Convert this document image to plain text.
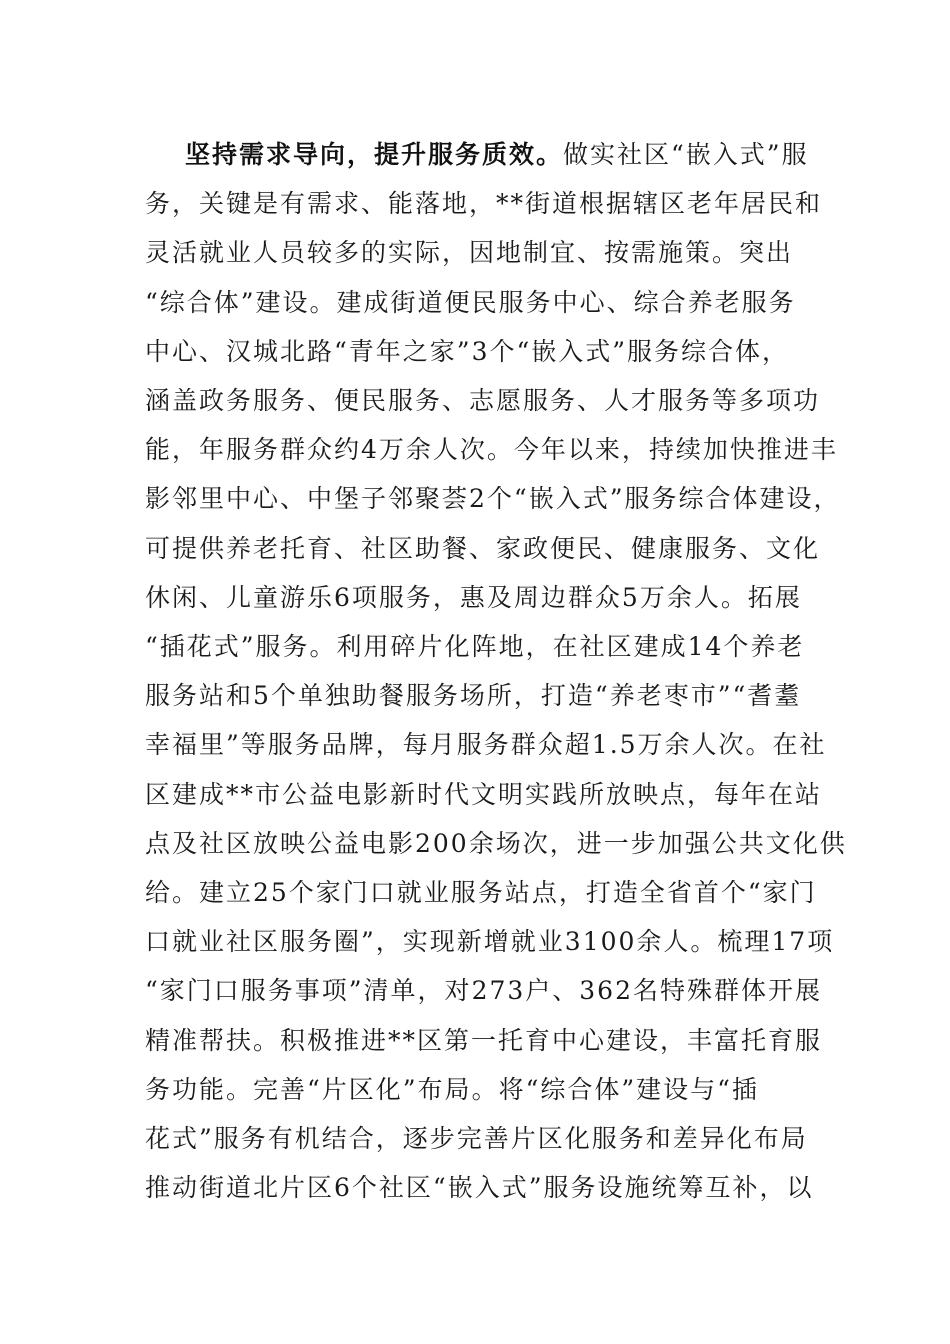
坚持需求导向，提升服务质效。做实社区“嵌入式”服
务，关键是有需求、能落地，**街道根据辖区老年居民和
灵活就业人员较多的实际，因地制宜、按需施策。突出
“综合体”建设。建成街道便民服务中心、综合养老服务
中心、汉城北路“青年之家”3个“嵌入式”服务综合体，
涵盖政务服务、便民服务、志愿服务、人才服务等多项功
能，年服务群众约4万余人次。今年以来，持续加快推进丰
影邻里中心、中堡子邻聚荟2个“嵌入式”服务综合体建设，
可提供养老托育、社区助餐、家政便民、健康服务、文化
休闲、儿童游乐6项服务，惠及周边群众5万余人。拓展
“插花式”服务。利用碎片化阵地，在社区建成14个养老
服务站和5个单独助餐服务场所，打造“养老枣市”“耆耋
幸福里”等服务品牌，每月服务群众超1.5万余人次。在社
区建成**市公益电影新时代文明实践所放映点，每年在站
点及社区放映公益电影200余场次，进一步加强公共文化供
给。建立25个家门口就业服务站点，打造全省首个“家门
口就业社区服务圈”，实现新增就业3100余人。梳理17项
“家门口服务事项”清单，对273户、362名特殊群体开展
精准帮扶。积极推进**区第一托育中心建设，丰富托育服
务功能。完善“片区化”布局。将“综合体”建设与“插
花式”服务有机结合，逐步完善片区化服务和差异化布局
推动街道北片区6个社区“嵌入式”服务设施统筹互补，以
